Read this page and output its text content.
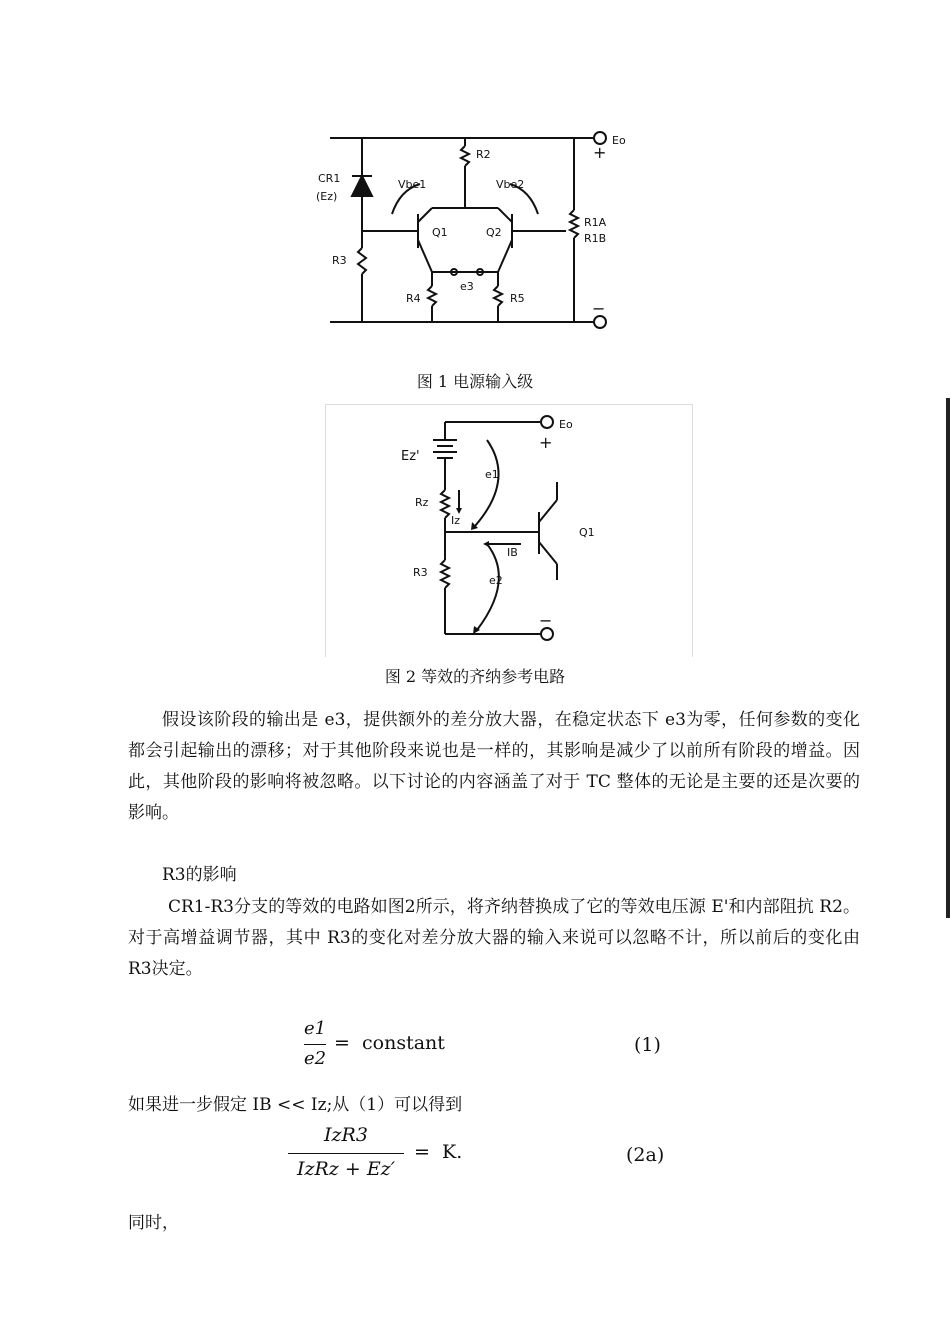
Eo
+
−
CR1
(Ez)
R2
Vbe1	Vbe2
Q1	Q2
R1A
R1B
R3
R4	R5
e3
图 1 电源输入级
Eo
+
−
Ez'
e1
Rz
Iz
Q1
IB
R3
e2
图 2 等效的齐纳参考电路
假设该阶段的输出是 e3，提供额外的差分放大器，在稳定状态下 e3为零，任何参数的变化都会引起输出的漂移；对于其他阶段来说也是一样的，其影响是减少了以前所有阶段的增益。因此，其他阶段的影响将被忽略。以下讨论的内容涵盖了对于 TC 整体的无论是主要的还是次要的影响。
R3的影响
CR1-R3分支的等效的电路如图2所示，将齐纳替换成了它的等效电压源 E'和内部阻抗 R2。对于高增益调节器，其中 R3的变化对差分放大器的输入来说可以忽略不计，所以前后的变化由 R3决定。
e1
e2
=  constant	(1)
如果进一步假定 IB << Iz;从（1）可以得到
IzR3
IzRz + Ez′
=  K.	(2a)
同时，
